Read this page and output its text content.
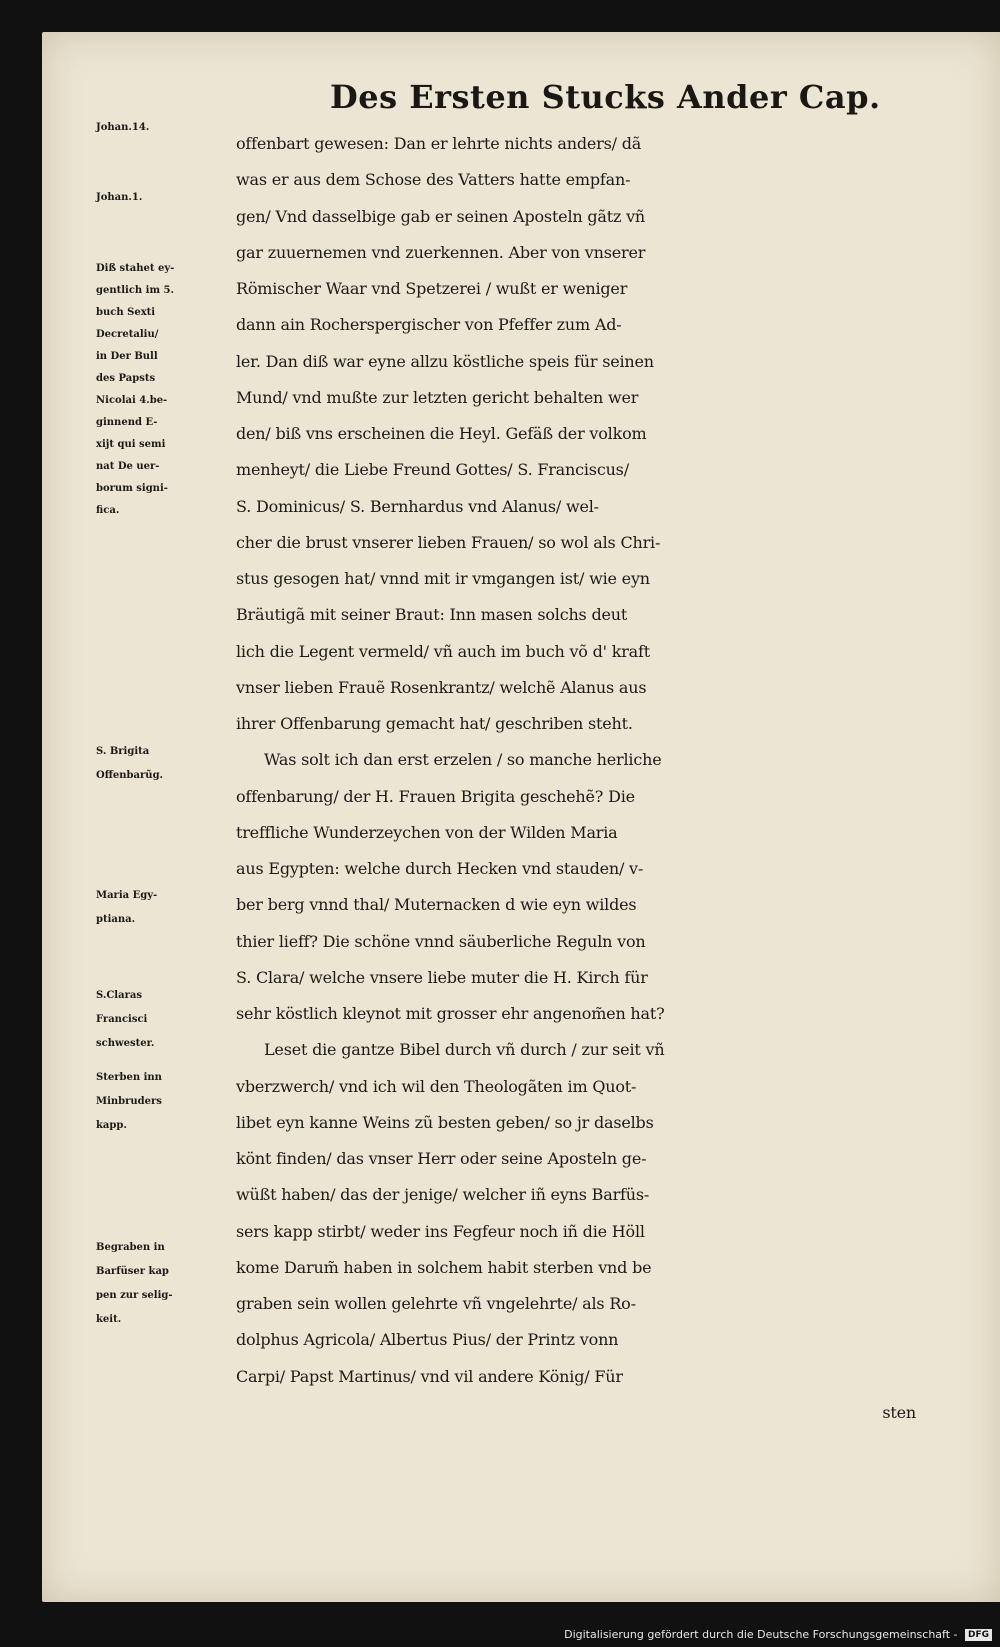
Des Ersten Stucks Ander Cap.
Johan.14.
Johan.1.
Diß stahet ey-
gentlich im 5.
buch Sexti
Decretaliu/
in Der Bull
des Papsts
Nicolai 4.be-
ginnend E-
xijt qui semi
nat De uer-
borum signi-
fica.
S. Brigita
Offenbarũg.
Maria Egy-
ptiana.
S.Claras
Francisci
schwester.
Sterben inn
Minbruders
kapp.
Begraben in
Barfüser kap
pen zur selig-
keit.
offenbart gewesen: Dan er lehrte nichts anders/ dã
was er aus dem Schose des Vatters hatte empfan-
gen/ Vnd dasselbige gab er seinen Aposteln gãtz vñ
gar zuuernemen vnd zuerkennen. Aber von vnserer
Römischer Waar vnd Spetzerei / wußt er weniger
dann ain Rocherspergischer von Pfeffer zum Ad-
ler. Dan diß war eyne allzu köstliche speis für seinen
Mund/ vnd mußte zur letzten gericht behalten wer
den/ biß vns erscheinen die Heyl. Gefäß der volkom
menheyt/ die Liebe Freund Gottes/ S. Franciscus/
S. Dominicus/ S. Bernhardus vnd Alanus/ wel-
cher die brust vnserer lieben Frauen/ so wol als Chri-
stus gesogen hat/ vnnd mit ir vmgangen ist/ wie eyn
Bräutigã mit seiner Braut: Inn masen solchs deut
lich die Legent vermeld/ vñ auch im buch võ d' kraft
vnser lieben Frauẽ Rosenkrantz/ welchẽ Alanus aus
ihrer Offenbarung gemacht hat/ geschriben steht.
Was solt ich dan erst erzelen / so manche herliche
offenbarung/ der H. Frauen Brigita geschehẽ? Die
treffliche Wunderzeychen von der Wilden Maria
aus Egypten: welche durch Hecken vnd stauden/ v-
ber berg vnnd thal/ Muternacken d wie eyn wildes
thier lieff? Die schöne vnnd säuberliche Reguln von
S. Clara/ welche vnsere liebe muter die H. Kirch für
sehr köstlich kleynot mit grosser ehr angenom̃en hat?
Leset die gantze Bibel durch vñ durch / zur seit vñ
vberzwerch/ vnd ich wil den Theologãten im Quot-
libet eyn kanne Weins zũ besten geben/ so jr daselbs
könt finden/ das vnser Herr oder seine Aposteln ge-
wüßt haben/ das der jenige/ welcher iñ eyns Barfüs-
sers kapp stirbt/ weder ins Fegfeur noch iñ die Höll
kome Darum̃ haben in solchem habit sterben vnd be
graben sein wollen gelehrte vñ vngelehrte/ als Ro-
dolphus Agricola/ Albertus Pius/ der Printz vonn
Carpi/ Papst Martinus/ vnd vil andere König/ Für
sten
Digitalisierung gefördert durch die Deutsche Forschungsgemeinschaft - DFG
